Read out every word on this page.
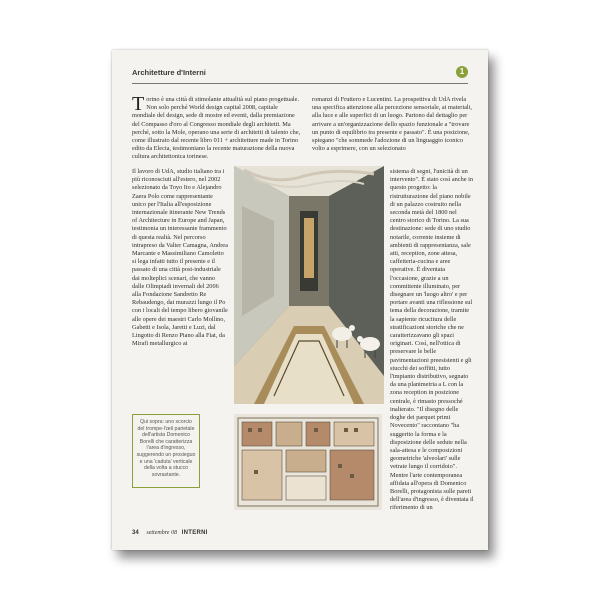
Architetture d'Interni	1

Torino è una città di stimolante attualità sul piano progettuale. Non solo perché World design capital 2008, capitale mondiale del design, sede di mostre ed eventi, dalla premiazione del Compasso d'oro al Congresso mondiale degli architetti. Ma perché, sotto la Mole, operano una serie di architetti di talento che, come illustrato dal recente libro 011 + architetture made in Torino edito da Electa, testimoniano la recente maturazione della nuova cultura architettonica torinese.

Il lavoro di UdA, studio italiano tra i più riconosciuti all'estero, nel 2002 selezionato da Toyo Ito e Alejandro Zaera Polo come rappresentante unico per l'Italia all'esposizione internazionale itinerante New Trends of Architecture in Europe and Japan, testimonia un interessante frammento di questa realtà. Nel percorso intrapreso da Valter Camagna, Andrea Marcante e Massimiliano Camoletto si lega infatti tutto il presente e il passato di una città post-industriale dai molteplici scenari, che vanno dalle Olimpiadi invernali del 2006 alla Fondazione Sandretto Re Rebaudengo, dai murazzi lungo il Po con i locali del tempo libero giovanile alle opere dei maestri Carlo Mollino, Gabetti e Isola, Jaretti e Luzi, dal Lingotto di Renzo Piano alla Fiat, da Mirafi metallurgico ai

romanzi di Fruttero e Lucentini. La prospettiva di UdA rivela una specifica attenzione alla percezione sensoriale, ai materiali, alla luce e alle superfici di un luogo. Partono dal dettaglio per arrivare a un'organizzazione dello spazio funzionale a "trovare un punto di equilibrio tra presente e passato". È una posizione, spiegano "che sommede l'adozione di un linguaggio iconico volto a esprimere, con un selezionato

sistema di segni, l'unicità di un intervento". È stato così anche in questo progetto: la ristrutturazione del piano nobile di un palazzo costruito nella seconda metà del 1800 nel centro storico di Torino. La sua destinazione: sede di uno studio notarile, corrente insieme di ambienti di rappresentanza, sale atti, reception, zone attesa, caffetteria-cucina e aree operative. È diventata l'occasione, grazie a un committente illuminato, per disegnare un 'luogo altro' e per portare avanti una riflessione sul tema della decorazione, tramite la sapiente ricucitura delle stratificazioni storiche che ne caratterizzavano gli spazi originari. Così, nell'ottica di preservare le belle pavimentazioni preesistenti e gli stucchi dei soffitti, tutto l'impianto distributivo, segnato da una planimetria a L con la zona reception in posizione centrale, è rimasto pressoché inalterato. "Il disegno delle doghe dei parquet primi Novecento" raccontano "ha suggerito la forma e la disposizione delle sedute nella sala-attesa e le composizioni geometriche 'alveolari' sulle vetrate lungo il corridoio". Mentre l'arte contemporanea affidata all'opera di Domenico Borelli, protagonista sulle pareti dell'area d'ingresso, è diventata il riferimento di un

Qui sopra: uno scorcio del trompe-l'œil parietale dell'artista Domenico Borelli che caratterizza l'area d'ingresso, suggerendo un prosieguo e una 'caduta' verticale della volta a stucco sovrastante.
34 settembre 08 INTERNI
